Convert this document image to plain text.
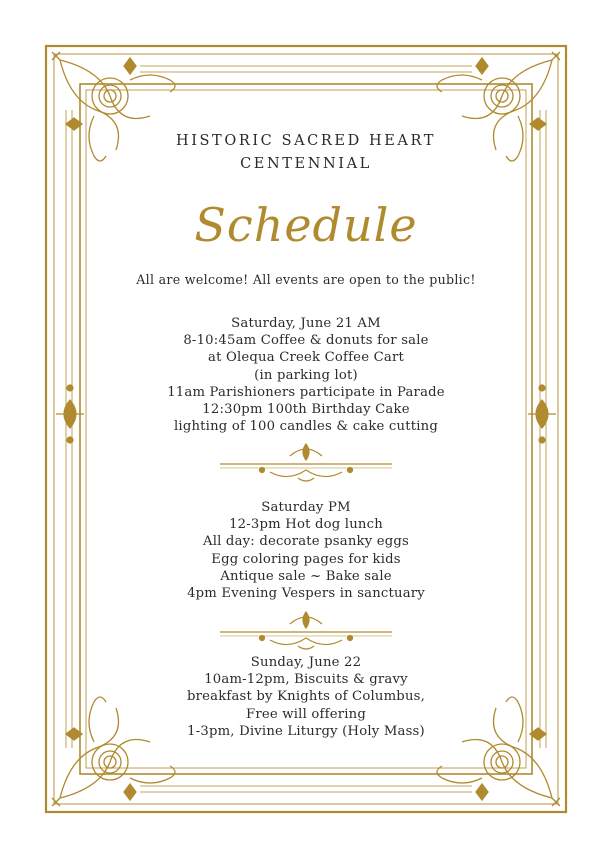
HISTORIC SACRED HEART
CENTENNIAL
Schedule
All are welcome! All events are open to the public!
Saturday, June 21 AM
8-10:45am Coffee & donuts for sale
at Olequa Creek Coffee Cart
(in parking lot)
11am Parishioners participate in Parade
12:30pm 100th Birthday Cake
lighting of 100 candles & cake cutting
Saturday PM
12-3pm Hot dog lunch
All day: decorate psanky eggs
Egg coloring pages for kids
Antique sale ~ Bake sale
4pm Evening Vespers in sanctuary
Sunday, June 22
10am-12pm, Biscuits & gravy
breakfast by Knights of Columbus,
Free will offering
1-3pm, Divine Liturgy (Holy Mass)
